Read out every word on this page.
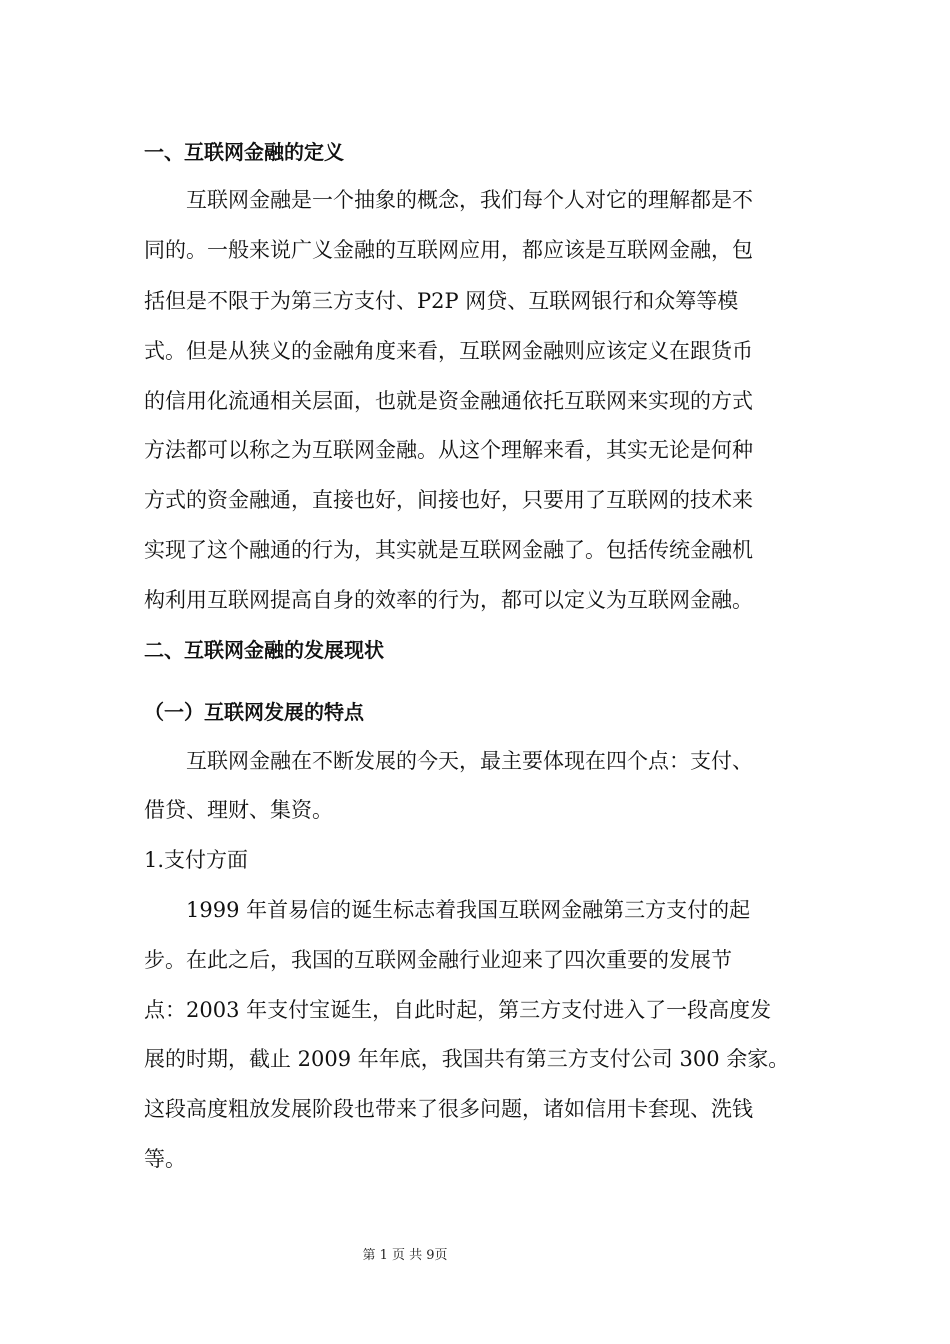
一、互联网金融的定义
互联网金融是一个抽象的概念，我们每个人对它的理解都是不
同的。一般来说广义金融的互联网应用，都应该是互联网金融，包
括但是不限于为第三方支付、P2P 网贷、互联网银行和众筹等模
式。但是从狭义的金融角度来看，互联网金融则应该定义在跟货币
的信用化流通相关层面，也就是资金融通依托互联网来实现的方式
方法都可以称之为互联网金融。从这个理解来看，其实无论是何种
方式的资金融通，直接也好，间接也好，只要用了互联网的技术来
实现了这个融通的行为，其实就是互联网金融了。包括传统金融机
构利用互联网提高自身的效率的行为，都可以定义为互联网金融。
二、互联网金融的发展现状
（一）互联网发展的特点
互联网金融在不断发展的今天，最主要体现在四个点：支付、
借贷、理财、集资。
1.支付方面
1999 年首易信的诞生标志着我国互联网金融第三方支付的起
步。在此之后，我国的互联网金融行业迎来了四次重要的发展节
点：2003 年支付宝诞生，自此时起，第三方支付进入了一段高度发
展的时期，截止 2009 年年底，我国共有第三方支付公司 300 余家。
这段高度粗放发展阶段也带来了很多问题，诸如信用卡套现、洗钱
等。
第 1 页 共 9页
